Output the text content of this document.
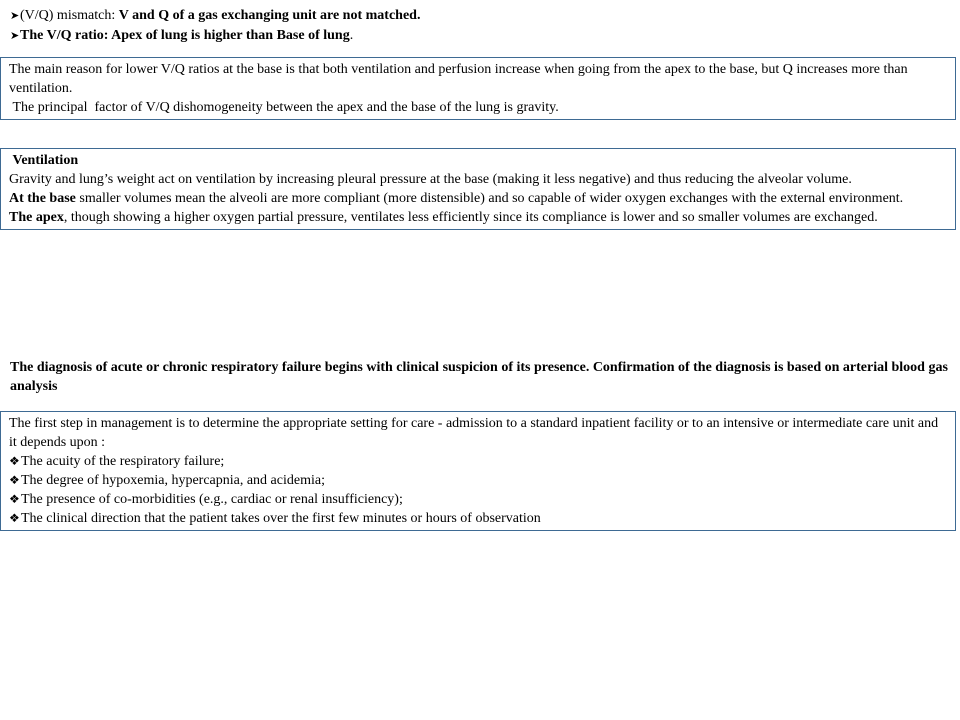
➤(V/Q) mismatch: V and Q of a gas exchanging unit are not matched.
➤The V/Q ratio: Apex of lung is higher than Base of lung.
The main reason for lower V/Q ratios at the base is that both ventilation and perfusion increase when going from the apex to the base, but Q increases more than ventilation.
The principal  factor of V/Q dishomogeneity between the apex and the base of the lung is gravity.
Ventilation
Gravity and lung’s weight act on ventilation by increasing pleural pressure at the base (making it less negative) and thus reducing the alveolar volume.
At the base smaller volumes mean the alveoli are more compliant (more distensible) and so capable of wider oxygen exchanges with the external environment.
The apex, though showing a higher oxygen partial pressure, ventilates less efficiently since its compliance is lower and so smaller volumes are exchanged.
The diagnosis of acute or chronic respiratory failure begins with clinical suspicion of its presence. Confirmation of the diagnosis is based on arterial blood gas analysis
The first step in management is to determine the appropriate setting for care - admission to a standard inpatient facility or to an intensive or intermediate care unit and it depends upon :
❖The acuity of the respiratory failure;
❖The degree of hypoxemia, hypercapnia, and acidemia;
❖The presence of co-morbidities (e.g., cardiac or renal insufficiency);
❖The clinical direction that the patient takes over the first few minutes or hours of observation
